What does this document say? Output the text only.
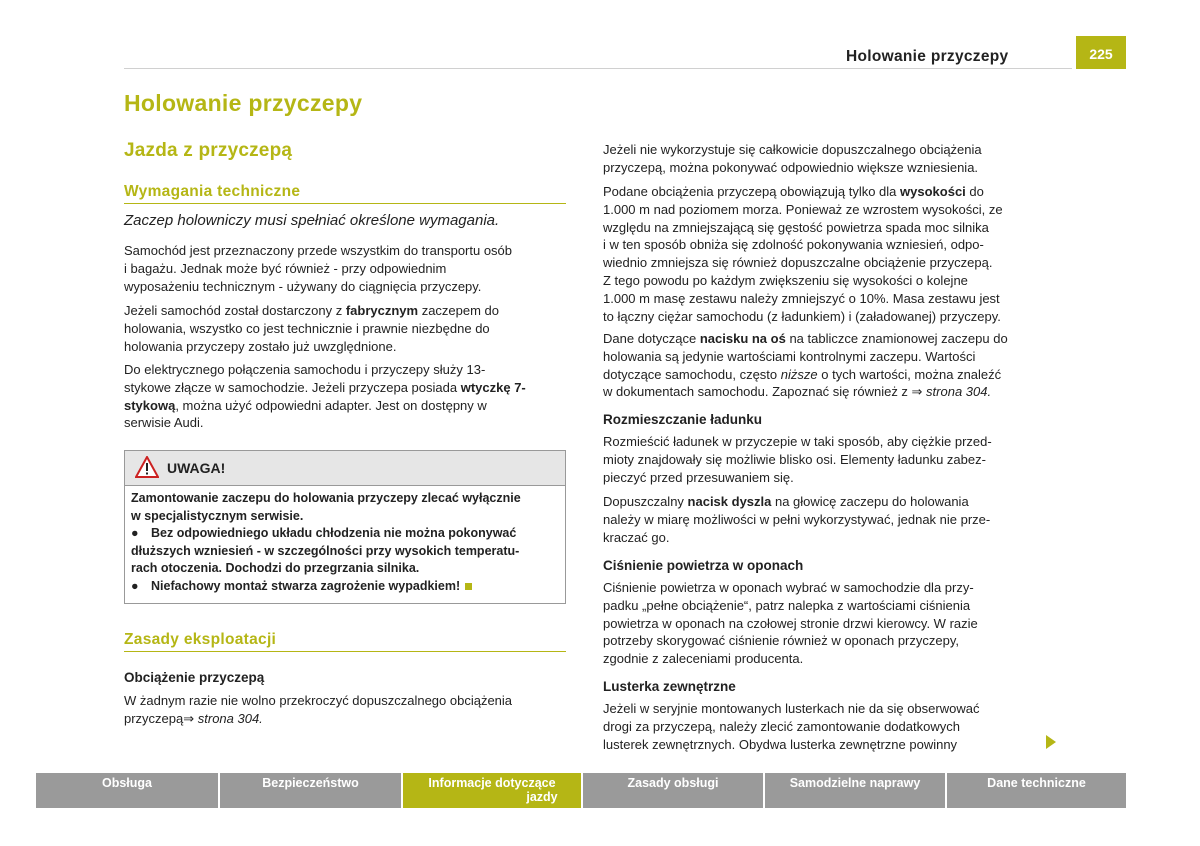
Holowanie przyczepy	225
Holowanie przyczepy
Jazda z przyczepą
Wymagania techniczne
Zaczep holowniczy musi spełniać określone wymagania.

Samochód jest przeznaczony przede wszystkim do transportu osób

i bagażu. Jednak może być również - przy odpowiednim

wyposażeniu technicznym - używany do ciągnięcia przyczepy.

Jeżeli samochód został dostarczony z fabrycznym zaczepem do

holowania, wszystko co jest technicznie i prawnie niezbędne do

holowania przyczepy zostało już uwzględnione.

Do elektrycznego połączenia samochodu i przyczepy służy 13-

stykowe złącze w samochodzie. Jeżeli przyczepa posiada wtyczkę 7-

stykową, można użyć odpowiedni adapter. Jest on dostępny w

serwisie Audi.

UWAGA!
Zamontowanie zaczepu do holowania przyczepy zlecać wyłącznie
w specjalistycznym serwisie.
● Bez odpowiedniego układu chłodzenia nie można pokonywać
dłuższych wzniesień - w szczególności przy wysokich temperatu-
rach otoczenia. Dochodzi do przegrzania silnika.
● Niefachowy montaż stwarza zagrożenie wypadkiem!
Zasady eksploatacji
Obciążenie przyczepą

W żadnym razie nie wolno przekroczyć dopuszczalnego obciążenia

przyczepą⇒ strona 304.

Jeżeli nie wykorzystuje się całkowicie dopuszczalnego obciążenia

przyczepą, można pokonywać odpowiednio większe wzniesienia.

Podane obciążenia przyczepą obowiązują tylko dla wysokości do

1.000 m nad poziomem morza. Ponieważ ze wzrostem wysokości, ze

względu na zmniejszającą się gęstość powietrza spada moc silnika

i w ten sposób obniża się zdolność pokonywania wzniesień, odpo-

wiednio zmniejsza się również dopuszczalne obciążenie przyczepą.

Z tego powodu po każdym zwiększeniu się wysokości o kolejne

1.000 m masę zestawu należy zmniejszyć o 10%. Masa zestawu jest

to łączny ciężar samochodu (z ładunkiem) i (załadowanej) przyczepy.

Dane dotyczące nacisku na oś na tabliczce znamionowej zaczepu do

holowania są jedynie wartościami kontrolnymi zaczepu. Wartości

dotyczące samochodu, często niższe o tych wartości, można znaleźć

w dokumentach samochodu. Zapoznać się również z ⇒ strona 304.

Rozmieszczanie ładunku

Rozmieścić ładunek w przyczepie w taki sposób, aby ciężkie przed-

mioty znajdowały się możliwie blisko osi. Elementy ładunku zabez-

pieczyć przed przesuwaniem się.

Dopuszczalny nacisk dyszla na głowicę zaczepu do holowania

należy w miarę możliwości w pełni wykorzystywać, jednak nie prze-

kraczać go.

Ciśnienie powietrza w oponach

Ciśnienie powietrza w oponach wybrać w samochodzie dla przy-

padku „pełne obciążenie“, patrz nalepka z wartościami ciśnienia

powietrza w oponach na czołowej stronie drzwi kierowcy. W razie

potrzeby skorygować ciśnienie również w oponach przyczepy,

zgodnie z zaleceniami producenta.

Lusterka zewnętrzne

Jeżeli w seryjnie montowanych lusterkach nie da się obserwować

drogi za przyczepą, należy zlecić zamontowanie dodatkowych

lusterek zewnętrznych. Obydwa lusterka zewnętrzne powinny

Obsługa	Bezpieczeństwo	Informacje dotyczące
jazdy
Zasady obsługi	Samodzielne naprawy	Dane techniczne
